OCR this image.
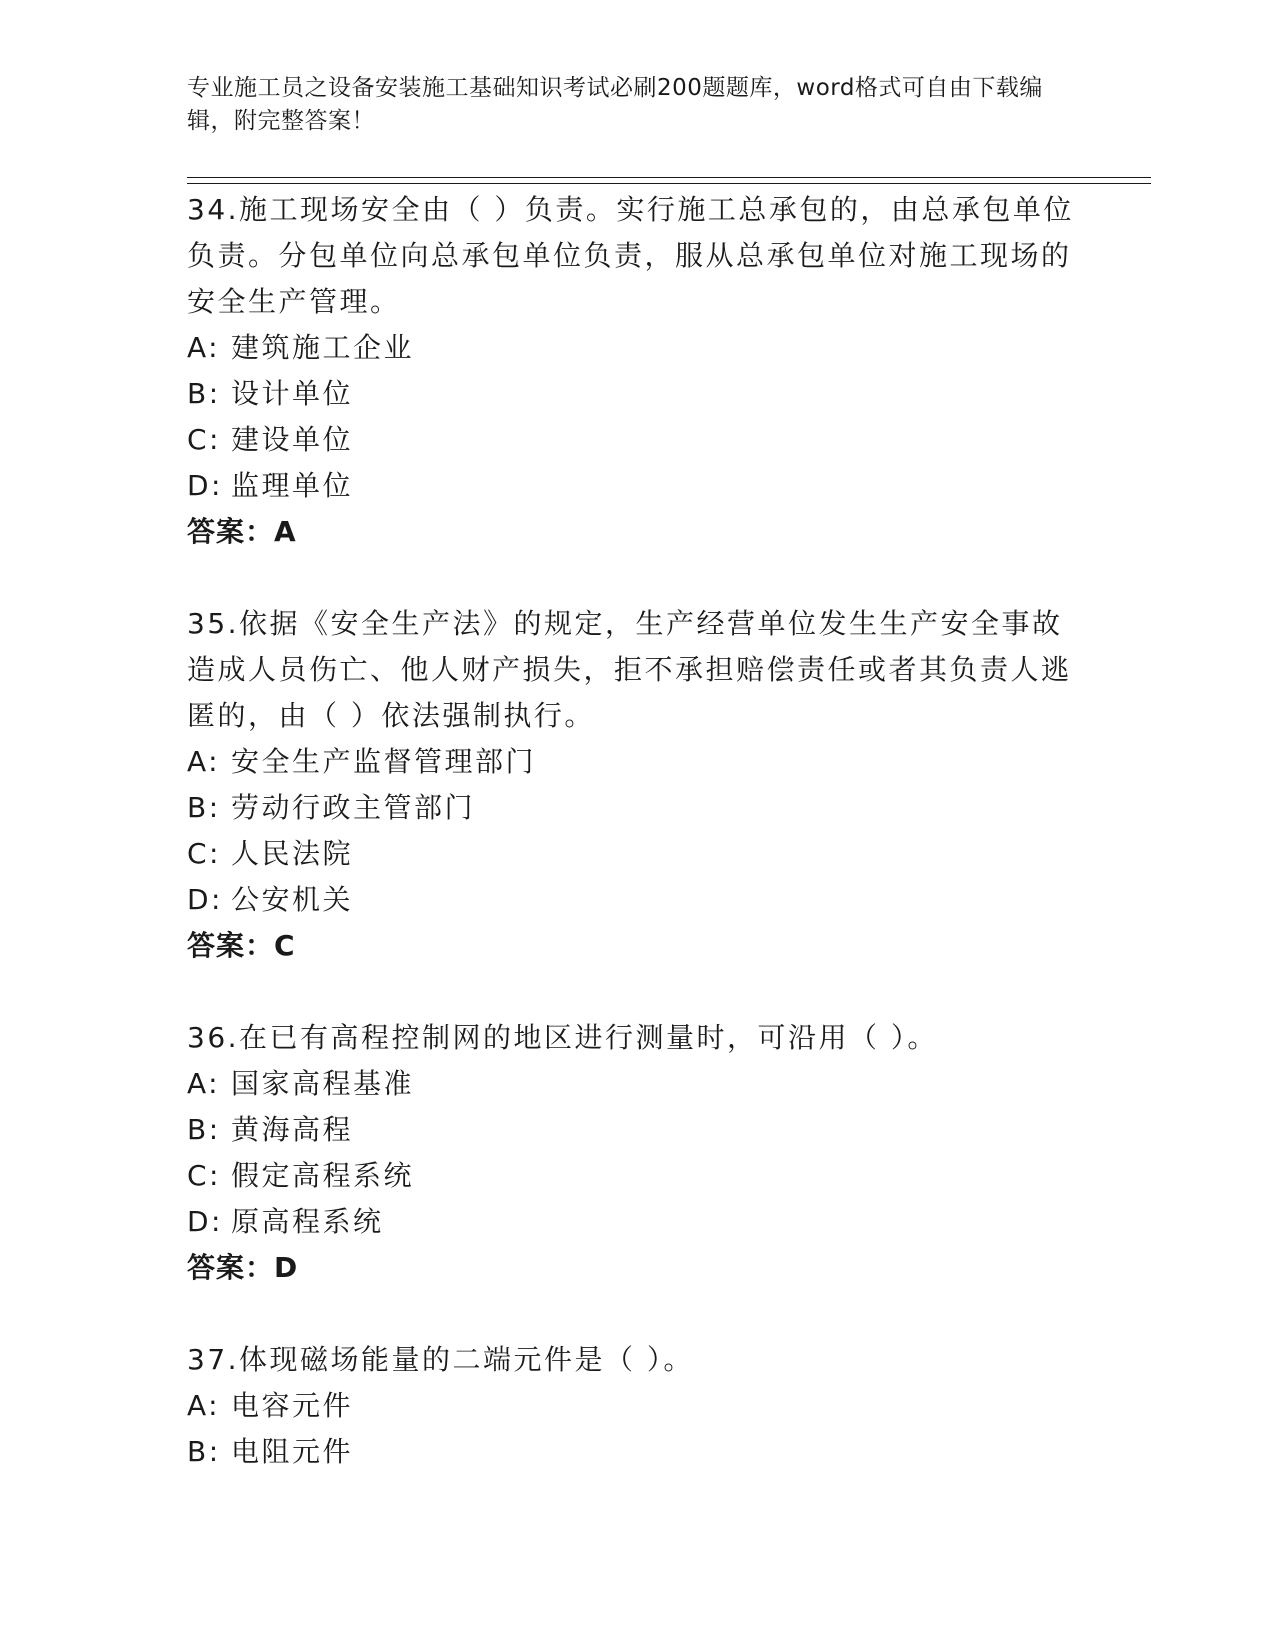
专业施工员之设备安装施工基础知识考试必刷200题题库，word格式可自由下载编辑，附完整答案！

34.施工现场安全由（ ）负责。实行施工总承包的，由总承包单位负责。分包单位向总承包单位负责，服从总承包单位对施工现场的安全生产管理。

A: 建筑施工企业

B: 设计单位

C: 建设单位

D: 监理单位

答案：A

35.依据《安全生产法》的规定，生产经营单位发生生产安全事故造成人员伤亡、他人财产损失，拒不承担赔偿责任或者其负责人逃匿的，由（ ）依法强制执行。

A: 安全生产监督管理部门

B: 劳动行政主管部门

C: 人民法院

D: 公安机关

答案：C

36.在已有高程控制网的地区进行测量时，可沿用（ ）。

A: 国家高程基准

B: 黄海高程

C: 假定高程系统

D: 原高程系统

答案：D

37.体现磁场能量的二端元件是（ ）。

A: 电容元件

B: 电阻元件
